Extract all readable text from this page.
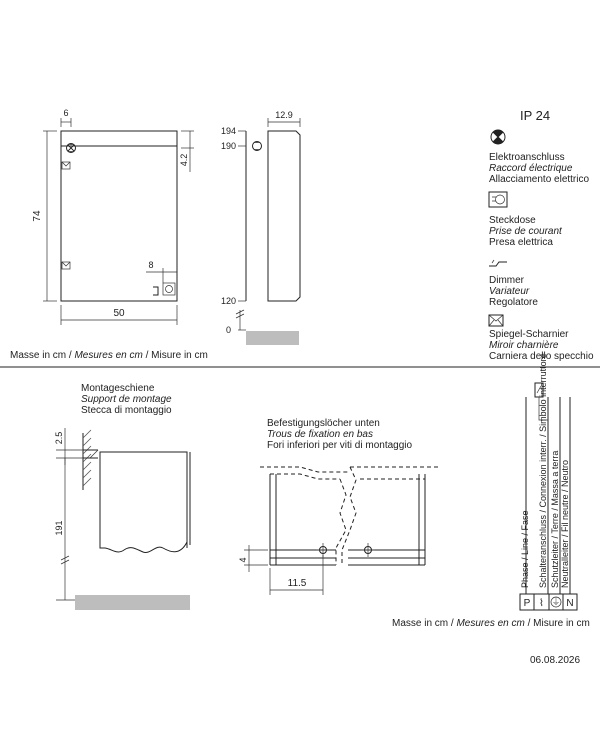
6
74
4.2
8
50
12.9
194
190
120
0
IP 24
Elektroanschluss
Raccord électrique
Allacciamento elettrico
Steckdose
Prise de courant
Presa elettrica
Dimmer
Variateur
Regolatore
Spiegel-Scharnier
Miroir charnière
Carniera dello specchio
Masse in cm / Mesures en cm / Misure in cm
Montageschiene
Support de montage
Stecca di montaggio
2.5
191
Befestigungslöcher unten
Trous de fixation en bas
Fori inferiori per viti di montaggio
4
11.5	Phase / Line / Fase Schalteranschluss / Connexion interr. / Simbolo interruttore Schutzleiter / Terre / Massa a terra Neutralleiter / Fil neutre / Neutro
P ⌇ ⏚ N
Masse in cm / Mesures en cm / Misure in cm
06.08.2026
